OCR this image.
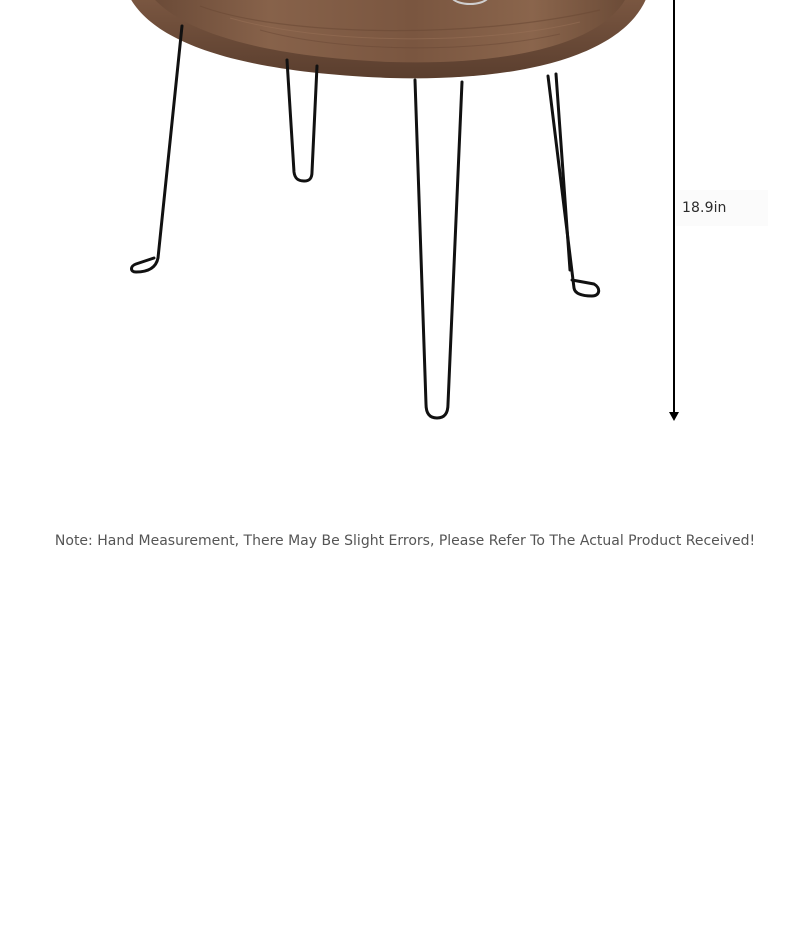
18.9in
Note: Hand Measurement, There May Be Slight Errors, Please Refer To The Actual Product Received!
